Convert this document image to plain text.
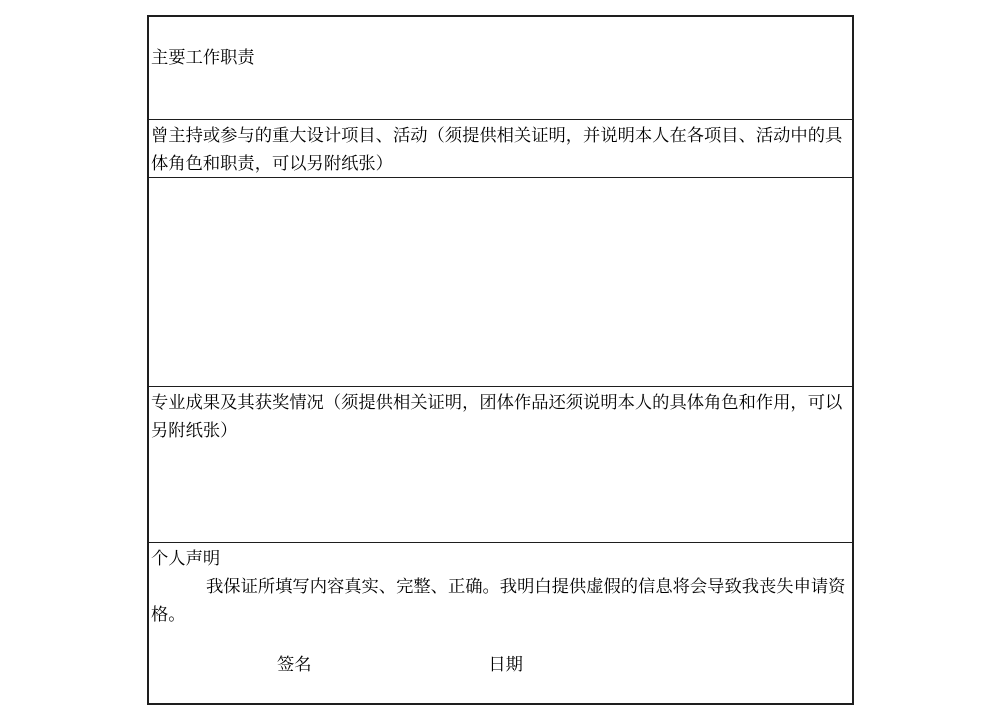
主要工作职责
曾主持或参与的重大设计项目、活动（须提供相关证明，并说明本人在各项目、活动中的具体角色和职责，可以另附纸张）
专业成果及其获奖情况（须提供相关证明，团体作品还须说明本人的具体角色和作用，可以另附纸张）
个人声明
我保证所填写内容真实、完整、正确。我明白提供虚假的信息将会导致我丧失申请资格。
签名	日期
